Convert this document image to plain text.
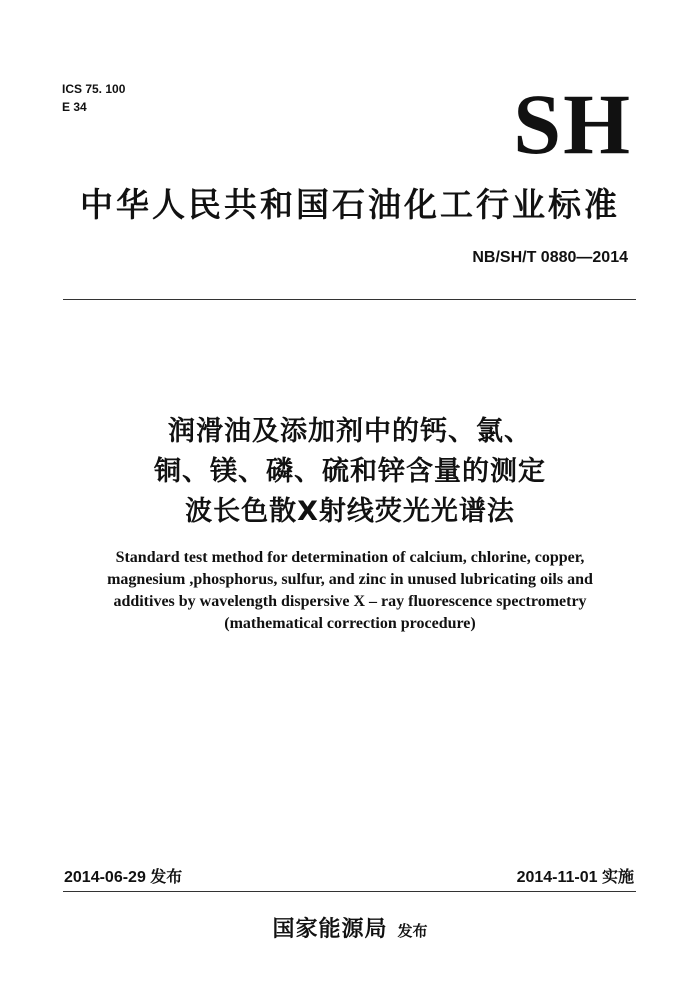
ICS 75. 100
E 34	SH
中华人民共和国石油化工行业标准
NB/SH/T 0880—2014
润滑油及添加剂中的钙、氯、
铜、镁、磷、硫和锌含量的测定
波长色散X射线荧光光谱法
Standard test method for determination of calcium, chlorine, copper,
magnesium ,phosphorus, sulfur, and zinc in unused lubricating oils and
additives by wavelength dispersive X – ray fluorescence spectrometry
(mathematical correction procedure)
2014-06-29 发布	2014-11-01 实施
国家能源局 发布
